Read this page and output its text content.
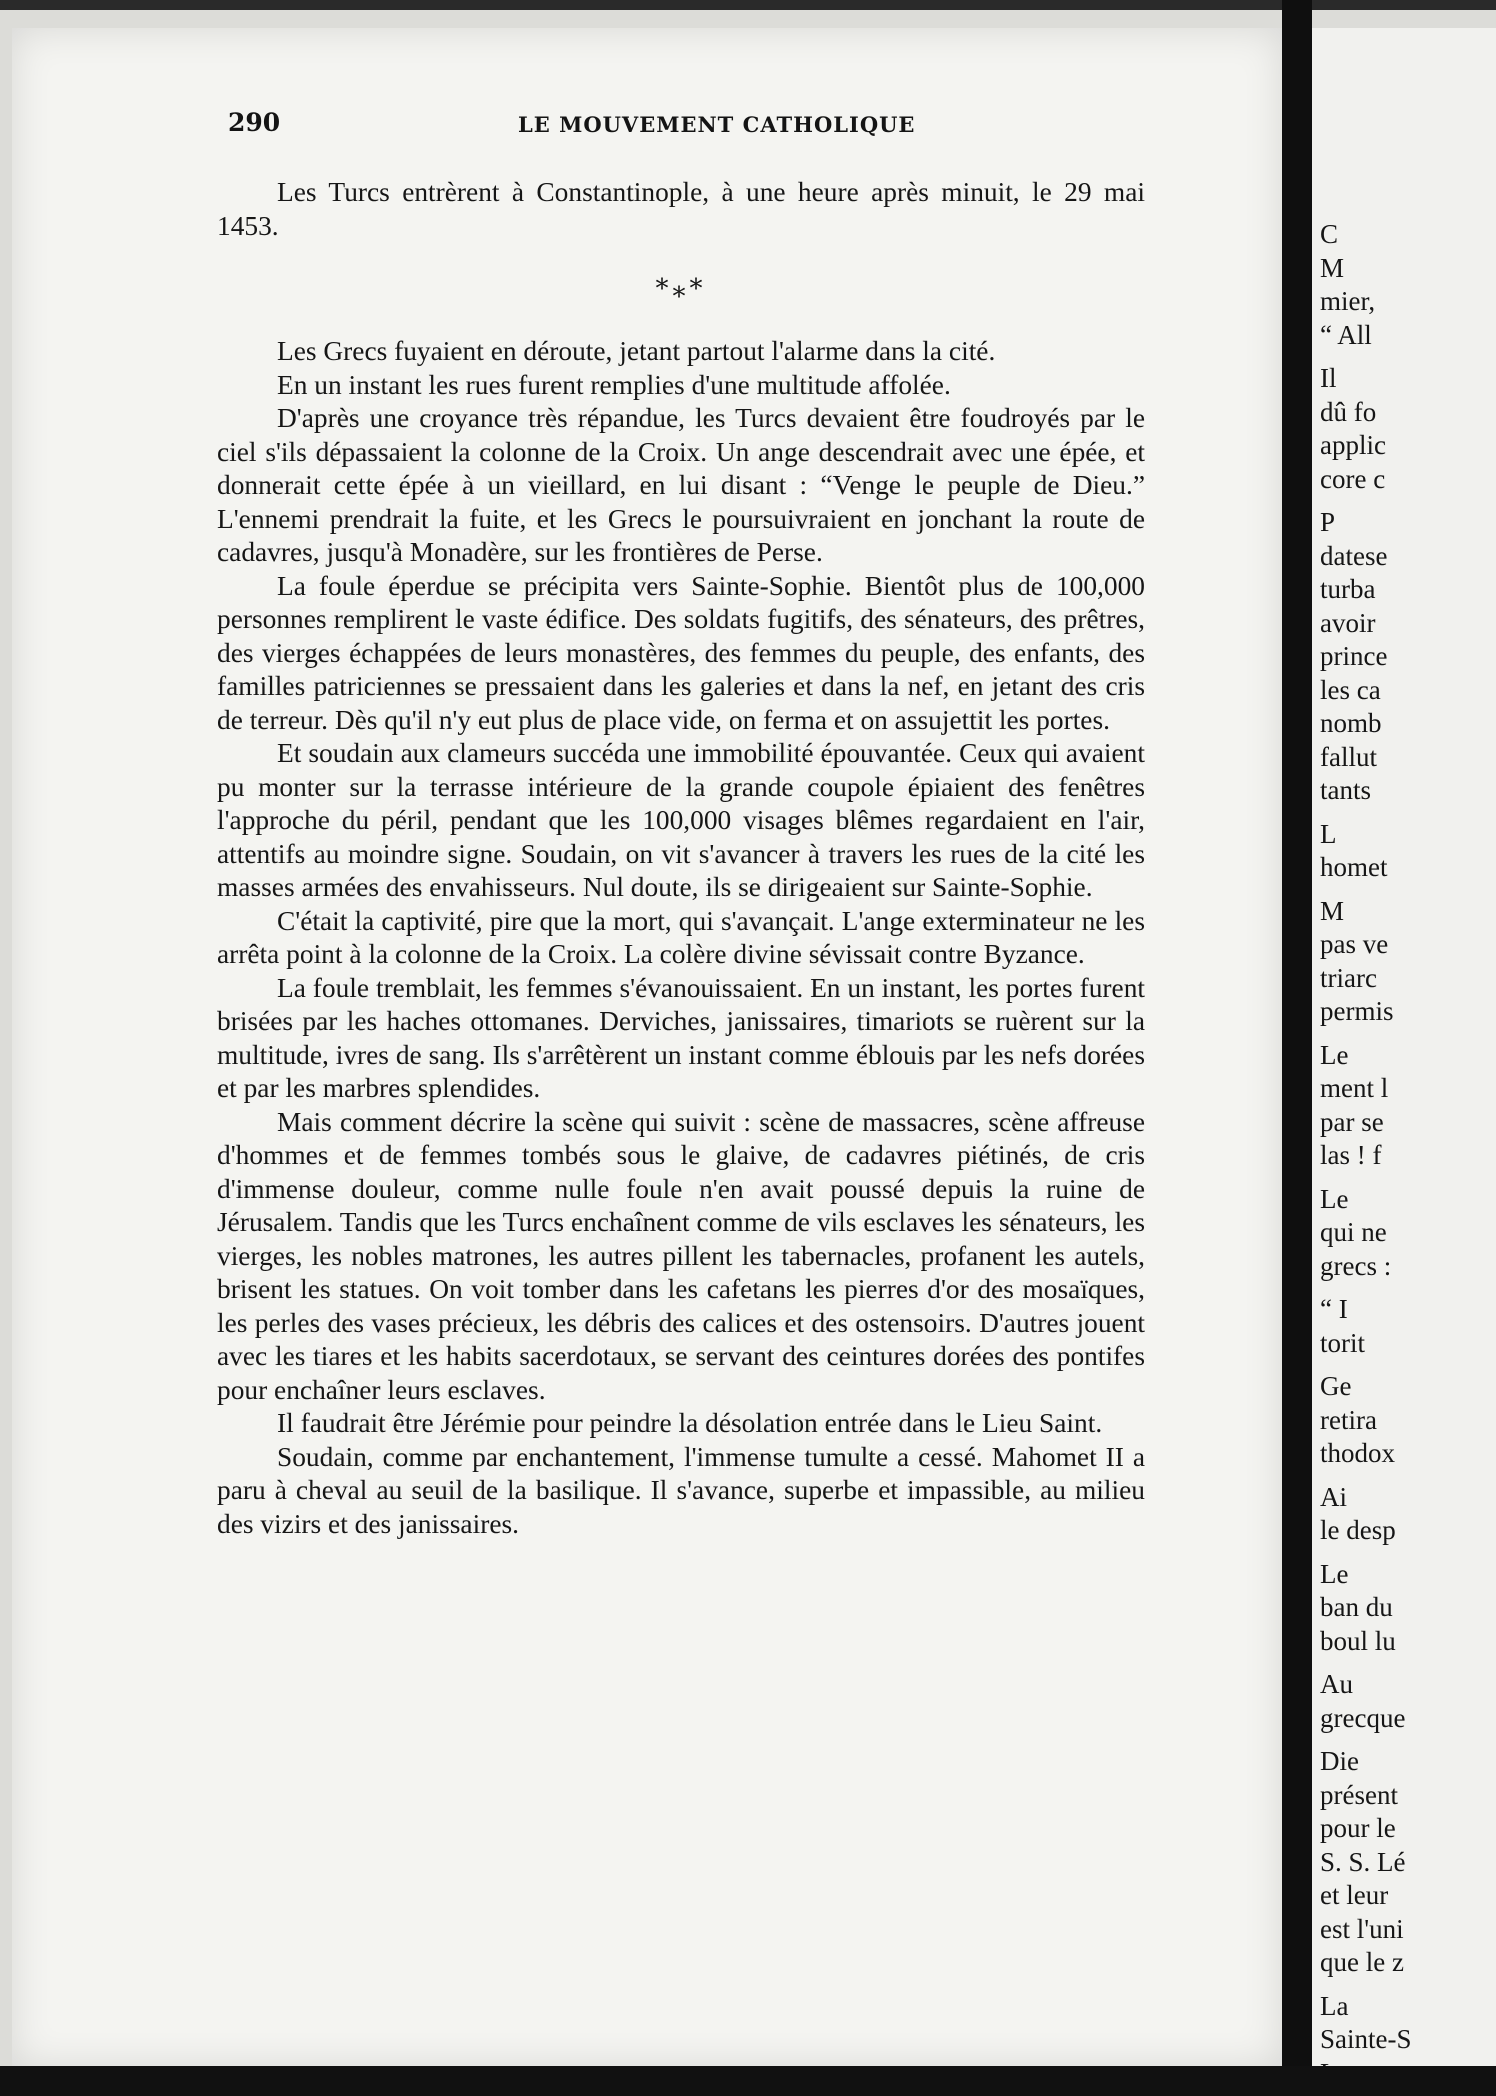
290	LE MOUVEMENT CATHOLIQUE

Les Turcs entrèrent à Constantinople, à une heure après minuit, le 29 mai 1453.

*⁎*

Les Grecs fuyaient en déroute, jetant partout l'alarme dans la cité.

En un instant les rues furent remplies d'une multitude affolée.

D'après une croyance très répandue, les Turcs devaient être foudroyés par le ciel s'ils dépassaient la colonne de la Croix. Un ange descendrait avec une épée, et donnerait cette épée à un vieillard, en lui disant : “Venge le peuple de Dieu.” L'ennemi prendrait la fuite, et les Grecs le poursuivraient en jonchant la route de cadavres, jusqu'à Monadère, sur les frontières de Perse.

La foule éperdue se précipita vers Sainte-Sophie. Bientôt plus de 100,000 personnes remplirent le vaste édifice. Des soldats fugitifs, des sénateurs, des prêtres, des vierges échappées de leurs monastères, des femmes du peuple, des enfants, des familles patriciennes se pressaient dans les galeries et dans la nef, en jetant des cris de terreur. Dès qu'il n'y eut plus de place vide, on ferma et on assujettit les portes.

Et soudain aux clameurs succéda une immobilité épouvantée. Ceux qui avaient pu monter sur la terrasse intérieure de la grande coupole épiaient des fenêtres l'approche du péril, pendant que les 100,000 visages blêmes regardaient en l'air, attentifs au moindre signe. Soudain, on vit s'avancer à travers les rues de la cité les masses armées des envahisseurs. Nul doute, ils se dirigeaient sur Sainte-Sophie.

C'était la captivité, pire que la mort, qui s'avançait. L'ange exterminateur ne les arrêta point à la colonne de la Croix. La colère divine sévissait contre Byzance.

La foule tremblait, les femmes s'évanouissaient. En un instant, les portes furent brisées par les haches ottomanes. Derviches, janissaires, timariots se ruèrent sur la multitude, ivres de sang. Ils s'arrêtèrent un instant comme éblouis par les nefs dorées et par les marbres splendides.

Mais comment décrire la scène qui suivit : scène de massacres, scène affreuse d'hommes et de femmes tombés sous le glaive, de cadavres piétinés, de cris d'immense douleur, comme nulle foule n'en avait poussé depuis la ruine de Jérusalem. Tandis que les Turcs enchaînent comme de vils esclaves les sénateurs, les vierges, les nobles matrones, les autres pillent les tabernacles, profanent les autels, brisent les statues. On voit tomber dans les cafetans les pierres d'or des mosaïques, les perles des vases précieux, les débris des calices et des ostensoirs. D'autres jouent avec les tiares et les habits sacerdotaux, se servant des ceintures dorées des pontifes pour enchaîner leurs esclaves.

Il faudrait être Jérémie pour peindre la désolation entrée dans le Lieu Saint.

Soudain, comme par enchantement, l'immense tumulte a cessé. Mahomet II a paru à cheval au seuil de la basilique. Il s'avance, superbe et impassible, au milieu des vizirs et des janissaires.

C
M
mier,
“ All
Il
dû fo
applic
core c
P
datese
turba
avoir
prince
les ca
nomb
fallut
tants
L
homet
M
pas ve
triarc
permis
Le
ment l
par se
las ! f
Le
qui ne
grecs :
“ I
torit
Ge
retira
thodox
Ai
le desp
Le
ban du
boul lu
Au
grecque
Die
présent
pour le
S. S. Lé
et leur
est l'uni
que le z
La
Sainte-S
